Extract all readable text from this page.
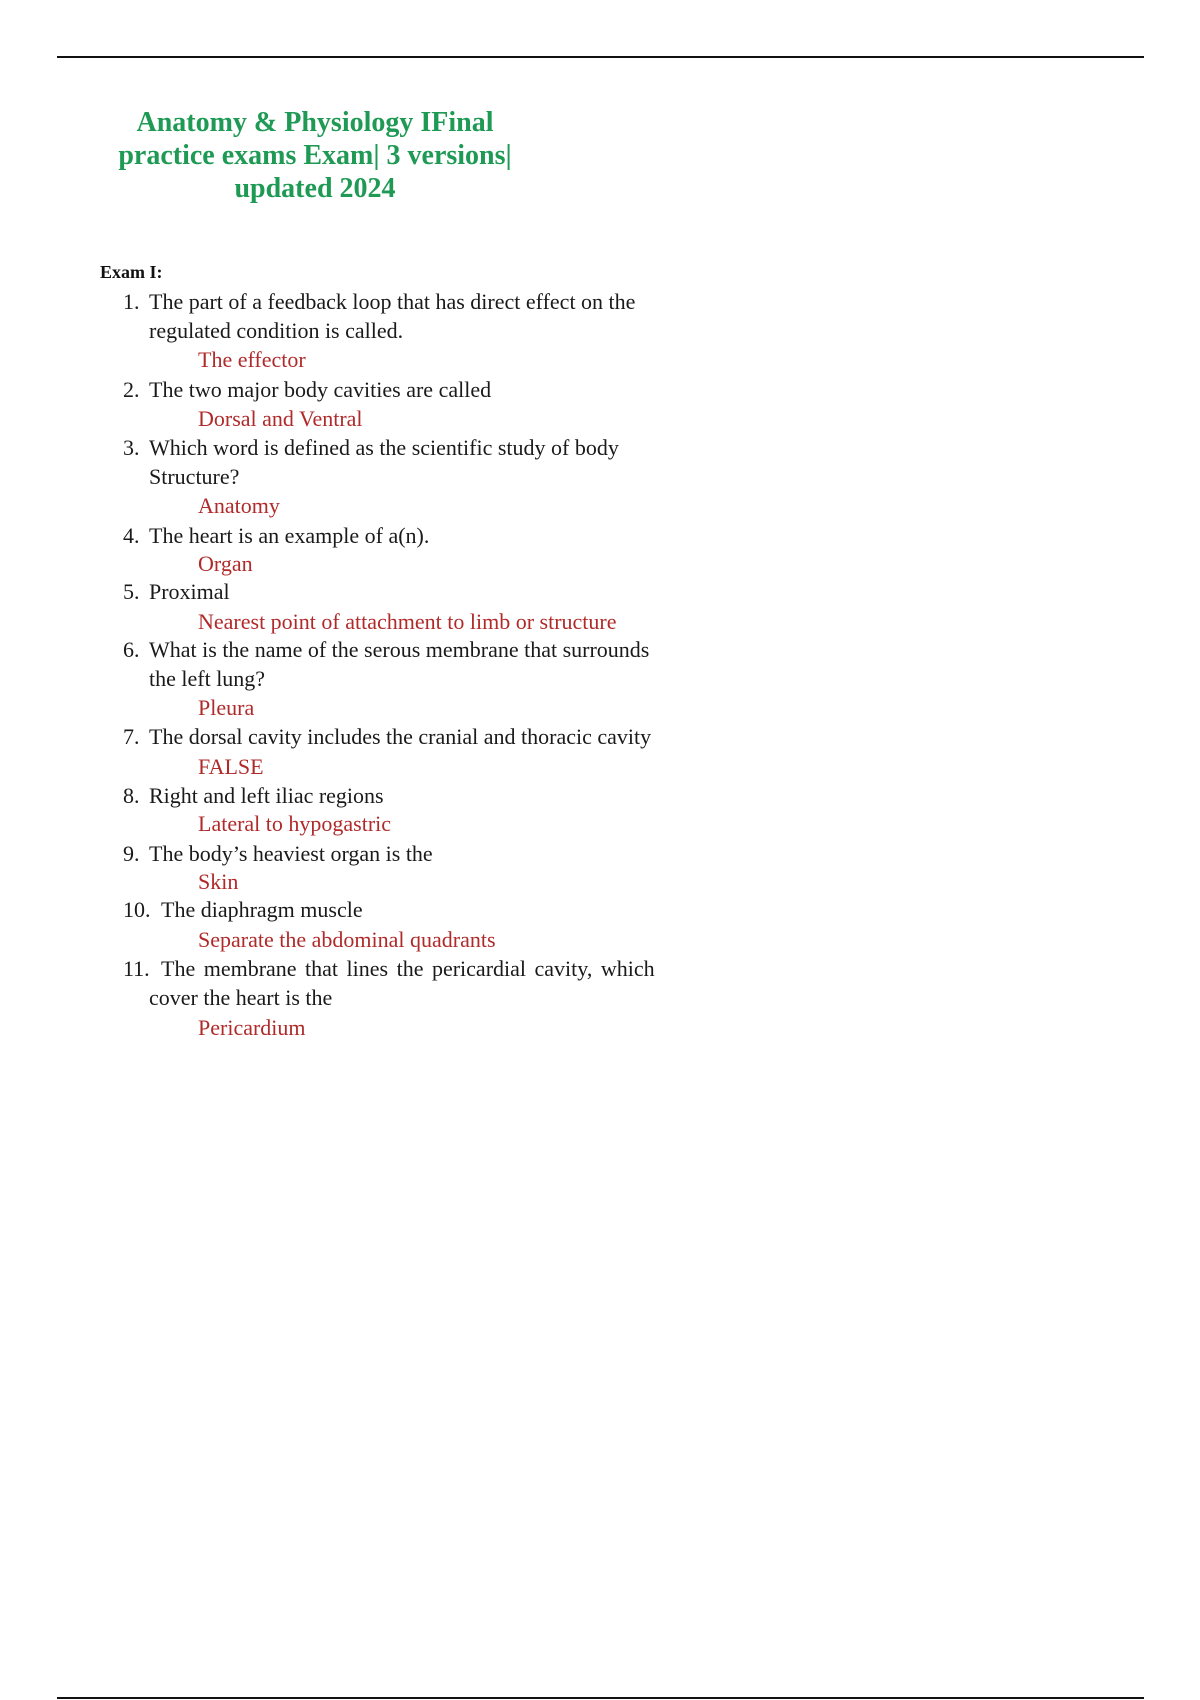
Anatomy & Physiology IFinal
practice exams Exam| 3 versions|
updated 2024
Exam I:
1. The part of a feedback loop that has direct effect on the
regulated condition is called.
The effector
2. The two major body cavities are called
Dorsal and Ventral
3. Which word is defined as the scientific study of body
Structure?
Anatomy
4. The heart is an example of a(n).
Organ
5. Proximal
Nearest point of attachment to limb or structure
6. What is the name of the serous membrane that surrounds
the left lung?
Pleura
7. The dorsal cavity includes the cranial and thoracic cavity
FALSE
8. Right and left iliac regions
Lateral to hypogastric
9. The body’s heaviest organ is the
Skin
10. The diaphragm muscle
Separate the abdominal quadrants
11. The membrane that lines the pericardial cavity, which
cover the heart is the
Pericardium
